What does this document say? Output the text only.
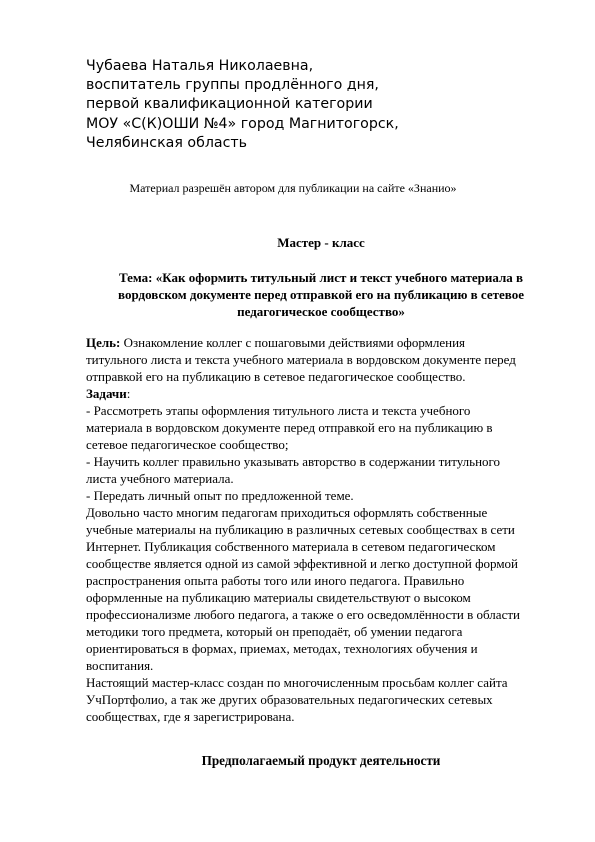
Чубаева Наталья Николаевна,
воспитатель группы продлённого дня,
первой квалификационной категории
МОУ «С(К)ОШИ №4» город Магнитогорск,
Челябинская область
Материал разрешён автором для публикации на сайте «Знанио»
Мастер - класс
Тема: «Как оформить титульный лист и текст учебного материала в
вордовском документе перед отправкой его на публикацию в сетевое
педагогическое сообщество»
Цель: Ознакомление коллег с пошаговыми действиями оформления
титульного листа и текста учебного материала в вордовском документе перед
отправкой его на публикацию в сетевое педагогическое сообщество.
Задачи:
- Рассмотреть этапы оформления титульного листа и текста учебного
материала в вордовском документе перед отправкой его на публикацию в
сетевое педагогическое сообщество;
- Научить коллег правильно указывать авторство в содержании титульного
листа учебного материала.
- Передать личный опыт по предложенной теме.
Довольно часто многим педагогам приходиться оформлять собственные
учебные материалы на публикацию в различных сетевых сообществах в сети
Интернет. Публикация собственного материала в сетевом педагогическом
сообществе является одной из самой эффективной и легко доступной формой
распространения опыта работы того или иного педагога. Правильно
оформленные на публикацию материалы свидетельствуют о высоком
профессионализме любого педагога, а также о его осведомлённости в области
методики того предмета, который он преподаёт, об умении педагога
ориентироваться в формах, приемах, методах, технологиях обучения и
воспитания.
Настоящий мастер-класс создан по многочисленным просьбам коллег сайта
УчПортфолио, а так же других образовательных педагогических сетевых
сообществах, где я зарегистрирована.
Предполагаемый продукт деятельности
